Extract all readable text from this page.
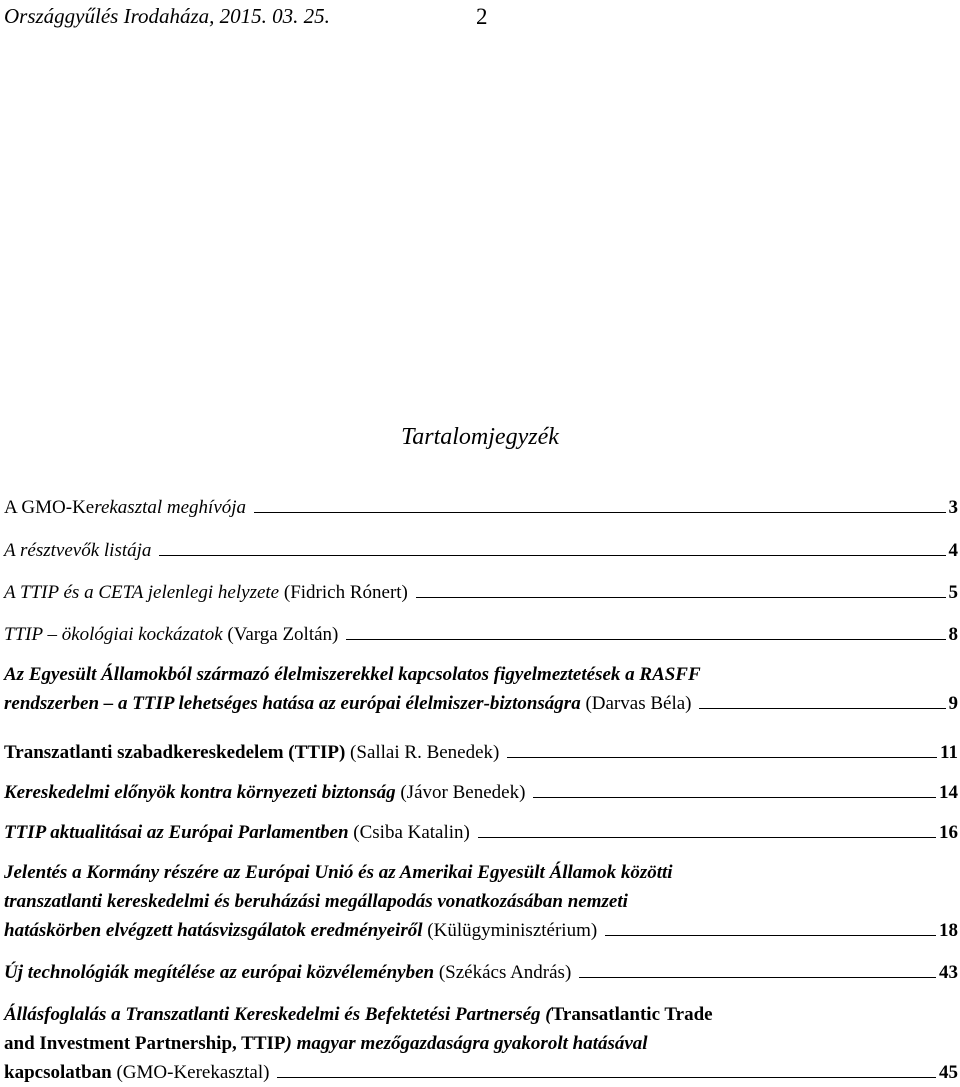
Országgyűlés Irodaháza, 2015. 03. 25.	2
Tartalomjegyzék
A GMO-Kerekasztal meghívója	3
A résztvevők listája	4
A TTIP és a CETA jelenlegi helyzete (Fidrich Rónert)	5
TTIP – ökológiai kockázatok (Varga Zoltán)	8
Az Egyesült Államokból származó élelmiszerekkel kapcsolatos figyelmeztetések a RASFF
rendszerben – a TTIP lehetséges hatása az európai élelmiszer-biztonságra (Darvas Béla)	9
Transzatlanti szabadkereskedelem (TTIP) (Sallai R. Benedek)	11
Kereskedelmi előnyök kontra környezeti biztonság (Jávor Benedek)	14
TTIP aktualitásai az Európai Parlamentben (Csiba Katalin)	16
Jelentés a Kormány részére az Európai Unió és az Amerikai Egyesült Államok közötti
transzatlanti kereskedelmi és beruházási megállapodás vonatkozásában nemzeti
hatáskörben elvégzett hatásvizsgálatok eredményeiről (Külügyminisztérium)	18
Új technológiák megítélése az európai közvéleményben (Székács András)	43
Állásfoglalás a Transzatlanti Kereskedelmi és Befektetési Partnerség (Transatlantic Trade
and Investment Partnership, TTIP) magyar mezőgazdaságra gyakorolt hatásával
kapcsolatban (GMO-Kerekasztal)	45
